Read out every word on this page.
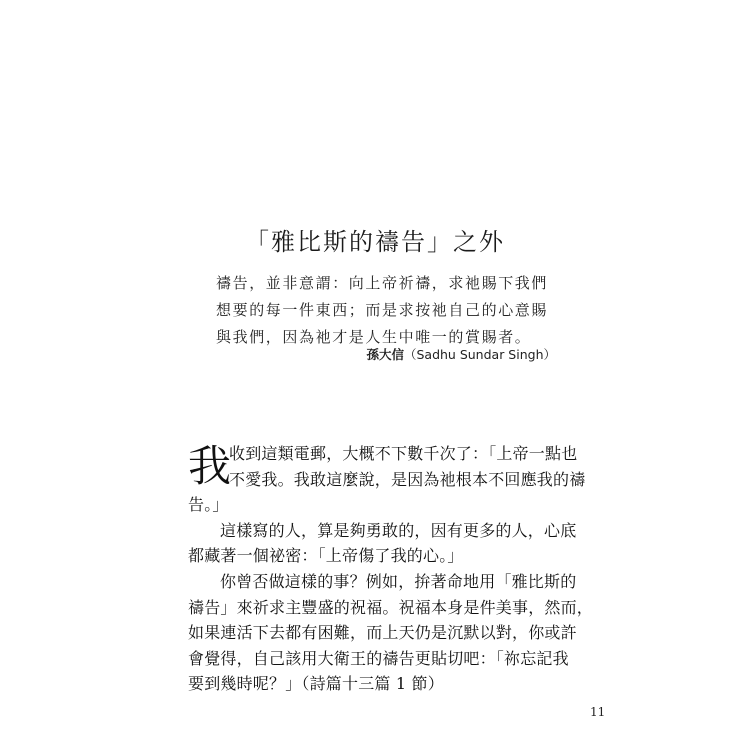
「雅比斯的禱告」之外
禱告，並非意謂：向上帝祈禱，求祂賜下我們
想要的每一件東西；而是求按祂自己的心意賜
與我們，因為祂才是人生中唯一的賞賜者。
孫大信（Sadhu Sundar Singh）
我
收到這類電郵，大概不下數千次了：「上帝一點也
不愛我。我敢這麼說，是因為祂根本不回應我的禱
告。」
這樣寫的人，算是夠勇敢的，因有更多的人，心底
都藏著一個祕密：「上帝傷了我的心。」
你曾否做這樣的事？例如，拚著命地用「雅比斯的
禱告」來祈求主豐盛的祝福。祝福本身是件美事，然而，
如果連活下去都有困難，而上天仍是沉默以對，你或許
會覺得，自己該用大衛王的禱告更貼切吧：「祢忘記我
要到幾時呢？」（詩篇十三篇 1 節）
11
